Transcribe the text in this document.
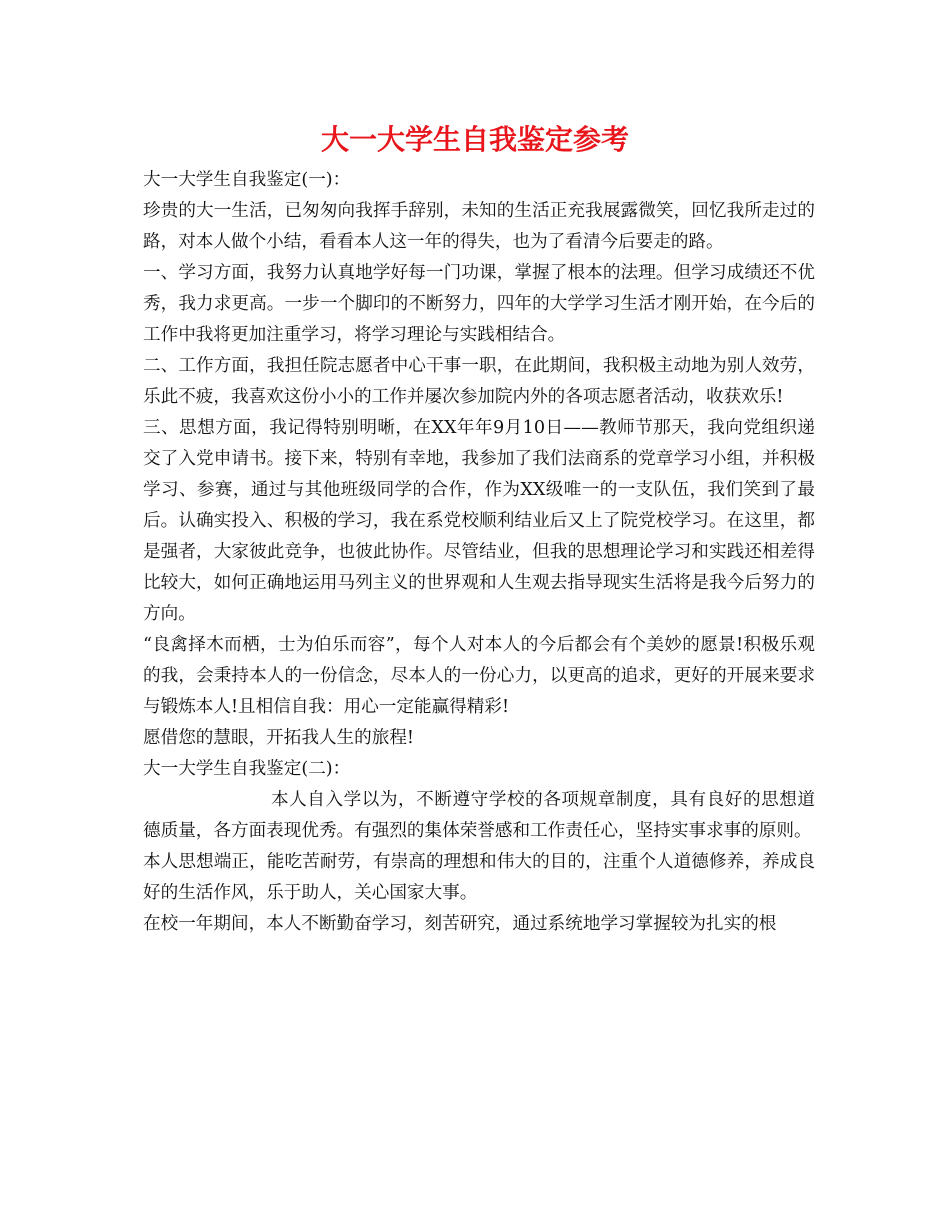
大一大学生自我鉴定参考

大一大学生自我鉴定(一)：

珍贵的大一生活，已匆匆向我挥手辞别，未知的生活正充我展露微笑，回忆我所走过的路，对本人做个小结，看看本人这一年的得失，也为了看清今后要走的路。

一、学习方面，我努力认真地学好每一门功课，掌握了根本的法理。但学习成绩还不优秀，我力求更高。一步一个脚印的不断努力，四年的大学学习生活才刚开始，在今后的工作中我将更加注重学习，将学习理论与实践相结合。

二、工作方面，我担任院志愿者中心干事一职，在此期间，我积极主动地为别人效劳，乐此不疲，我喜欢这份小小的工作并屡次参加院内外的各项志愿者活动，收获欢乐!

三、思想方面，我记得特别明晰，在XX年年9月10日——教师节那天，我向党组织递交了入党申请书。接下来，特别有幸地，我参加了我们法商系的党章学习小组，并积极学习、参赛，通过与其他班级同学的合作，作为XX级唯一的一支队伍，我们笑到了最后。认确实投入、积极的学习，我在系党校顺利结业后又上了院党校学习。在这里，都是强者，大家彼此竞争，也彼此协作。尽管结业，但我的思想理论学习和实践还相差得比较大，如何正确地运用马列主义的世界观和人生观去指导现实生活将是我今后努力的方向。

“良禽择木而栖，士为伯乐而容”，每个人对本人的今后都会有个美妙的愿景!积极乐观的我，会秉持本人的一份信念，尽本人的一份心力，以更高的追求，更好的开展来要求与锻炼本人!且相信自我：用心一定能赢得精彩!

愿借您的慧眼，开拓我人生的旅程!

大一大学生自我鉴定(二)：

本人自入学以为，不断遵守学校的各项规章制度，具有良好的思想道德质量，各方面表现优秀。有强烈的集体荣誉感和工作责任心，坚持实事求事的原则。

本人思想端正，能吃苦耐劳，有崇高的理想和伟大的目的，注重个人道德修养，养成良好的生活作风，乐于助人，关心国家大事。

在校一年期间，本人不断勤奋学习，刻苦研究，通过系统地学习掌握较为扎实的根
